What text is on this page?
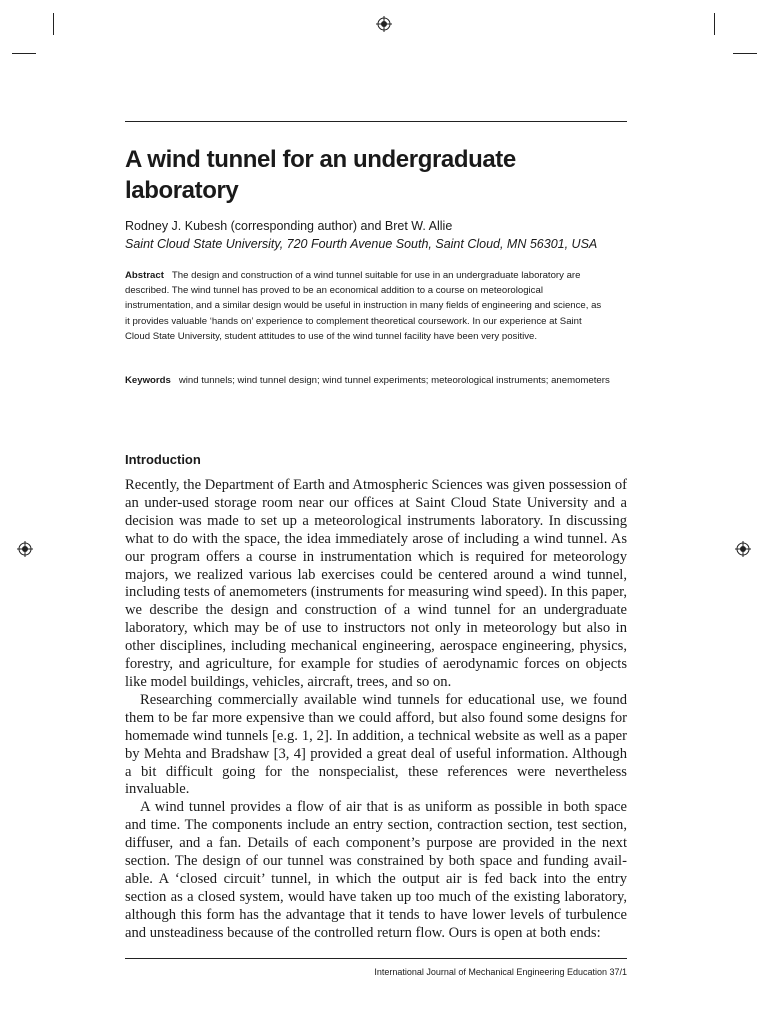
A wind tunnel for an undergraduate laboratory
Rodney J. Kubesh (corresponding author) and Bret W. Allie
Saint Cloud State University, 720 Fourth Avenue South, Saint Cloud, MN 56301, USA
Abstract The design and construction of a wind tunnel suitable for use in an undergraduate laboratory are described. The wind tunnel has proved to be an economical addition to a course on meteorological instrumentation, and a similar design would be useful in instruction in many fields of engineering and science, as it provides valuable ‘hands on’ experience to complement theoretical coursework. In our experience at Saint Cloud State University, student attitudes to use of the wind tunnel facility have been very positive.
Keywords wind tunnels; wind tunnel design; wind tunnel experiments; meteorological instruments; anemometers
Introduction

Recently, the Department of Earth and Atmospheric Sciences was given possession of an under-used storage room near our offices at Saint Cloud State University and a decision was made to set up a meteorological instruments laboratory. In discussing what to do with the space, the idea immediately arose of including a wind tunnel. As our program offers a course in instrumentation which is required for meteorology majors, we realized various lab exercises could be centered around a wind tunnel, including tests of anemometers (instruments for measuring wind speed). In this paper, we describe the design and construction of a wind tunnel for an undergraduate laboratory, which may be of use to instructors not only in meteorology but also in other disciplines, including mechanical engineering, aerospace engineering, physics, forestry, and agriculture, for example for studies of aerodynamic forces on objects like model buildings, vehicles, aircraft, trees, and so on.

Researching commercially available wind tunnels for educational use, we found them to be far more expensive than we could afford, but also found some designs for homemade wind tunnels [e.g. 1, 2]. In addition, a technical website as well as a paper by Mehta and Bradshaw [3, 4] provided a great deal of useful information. Although a bit difficult going for the nonspecialist, these references were nevertheless invaluable.

A wind tunnel provides a flow of air that is as uniform as possible in both space and time. The components include an entry section, contraction section, test section, diffuser, and a fan. Details of each component’s purpose are provided in the next section. The design of our tunnel was constrained by both space and funding available. A ‘closed circuit’ tunnel, in which the output air is fed back into the entry section as a closed system, would have taken up too much of the existing laboratory, although this form has the advantage that it tends to have lower levels of turbulence and unsteadiness because of the controlled return flow. Ours is open at both ends:

International Journal of Mechanical Engineering Education 37/1
